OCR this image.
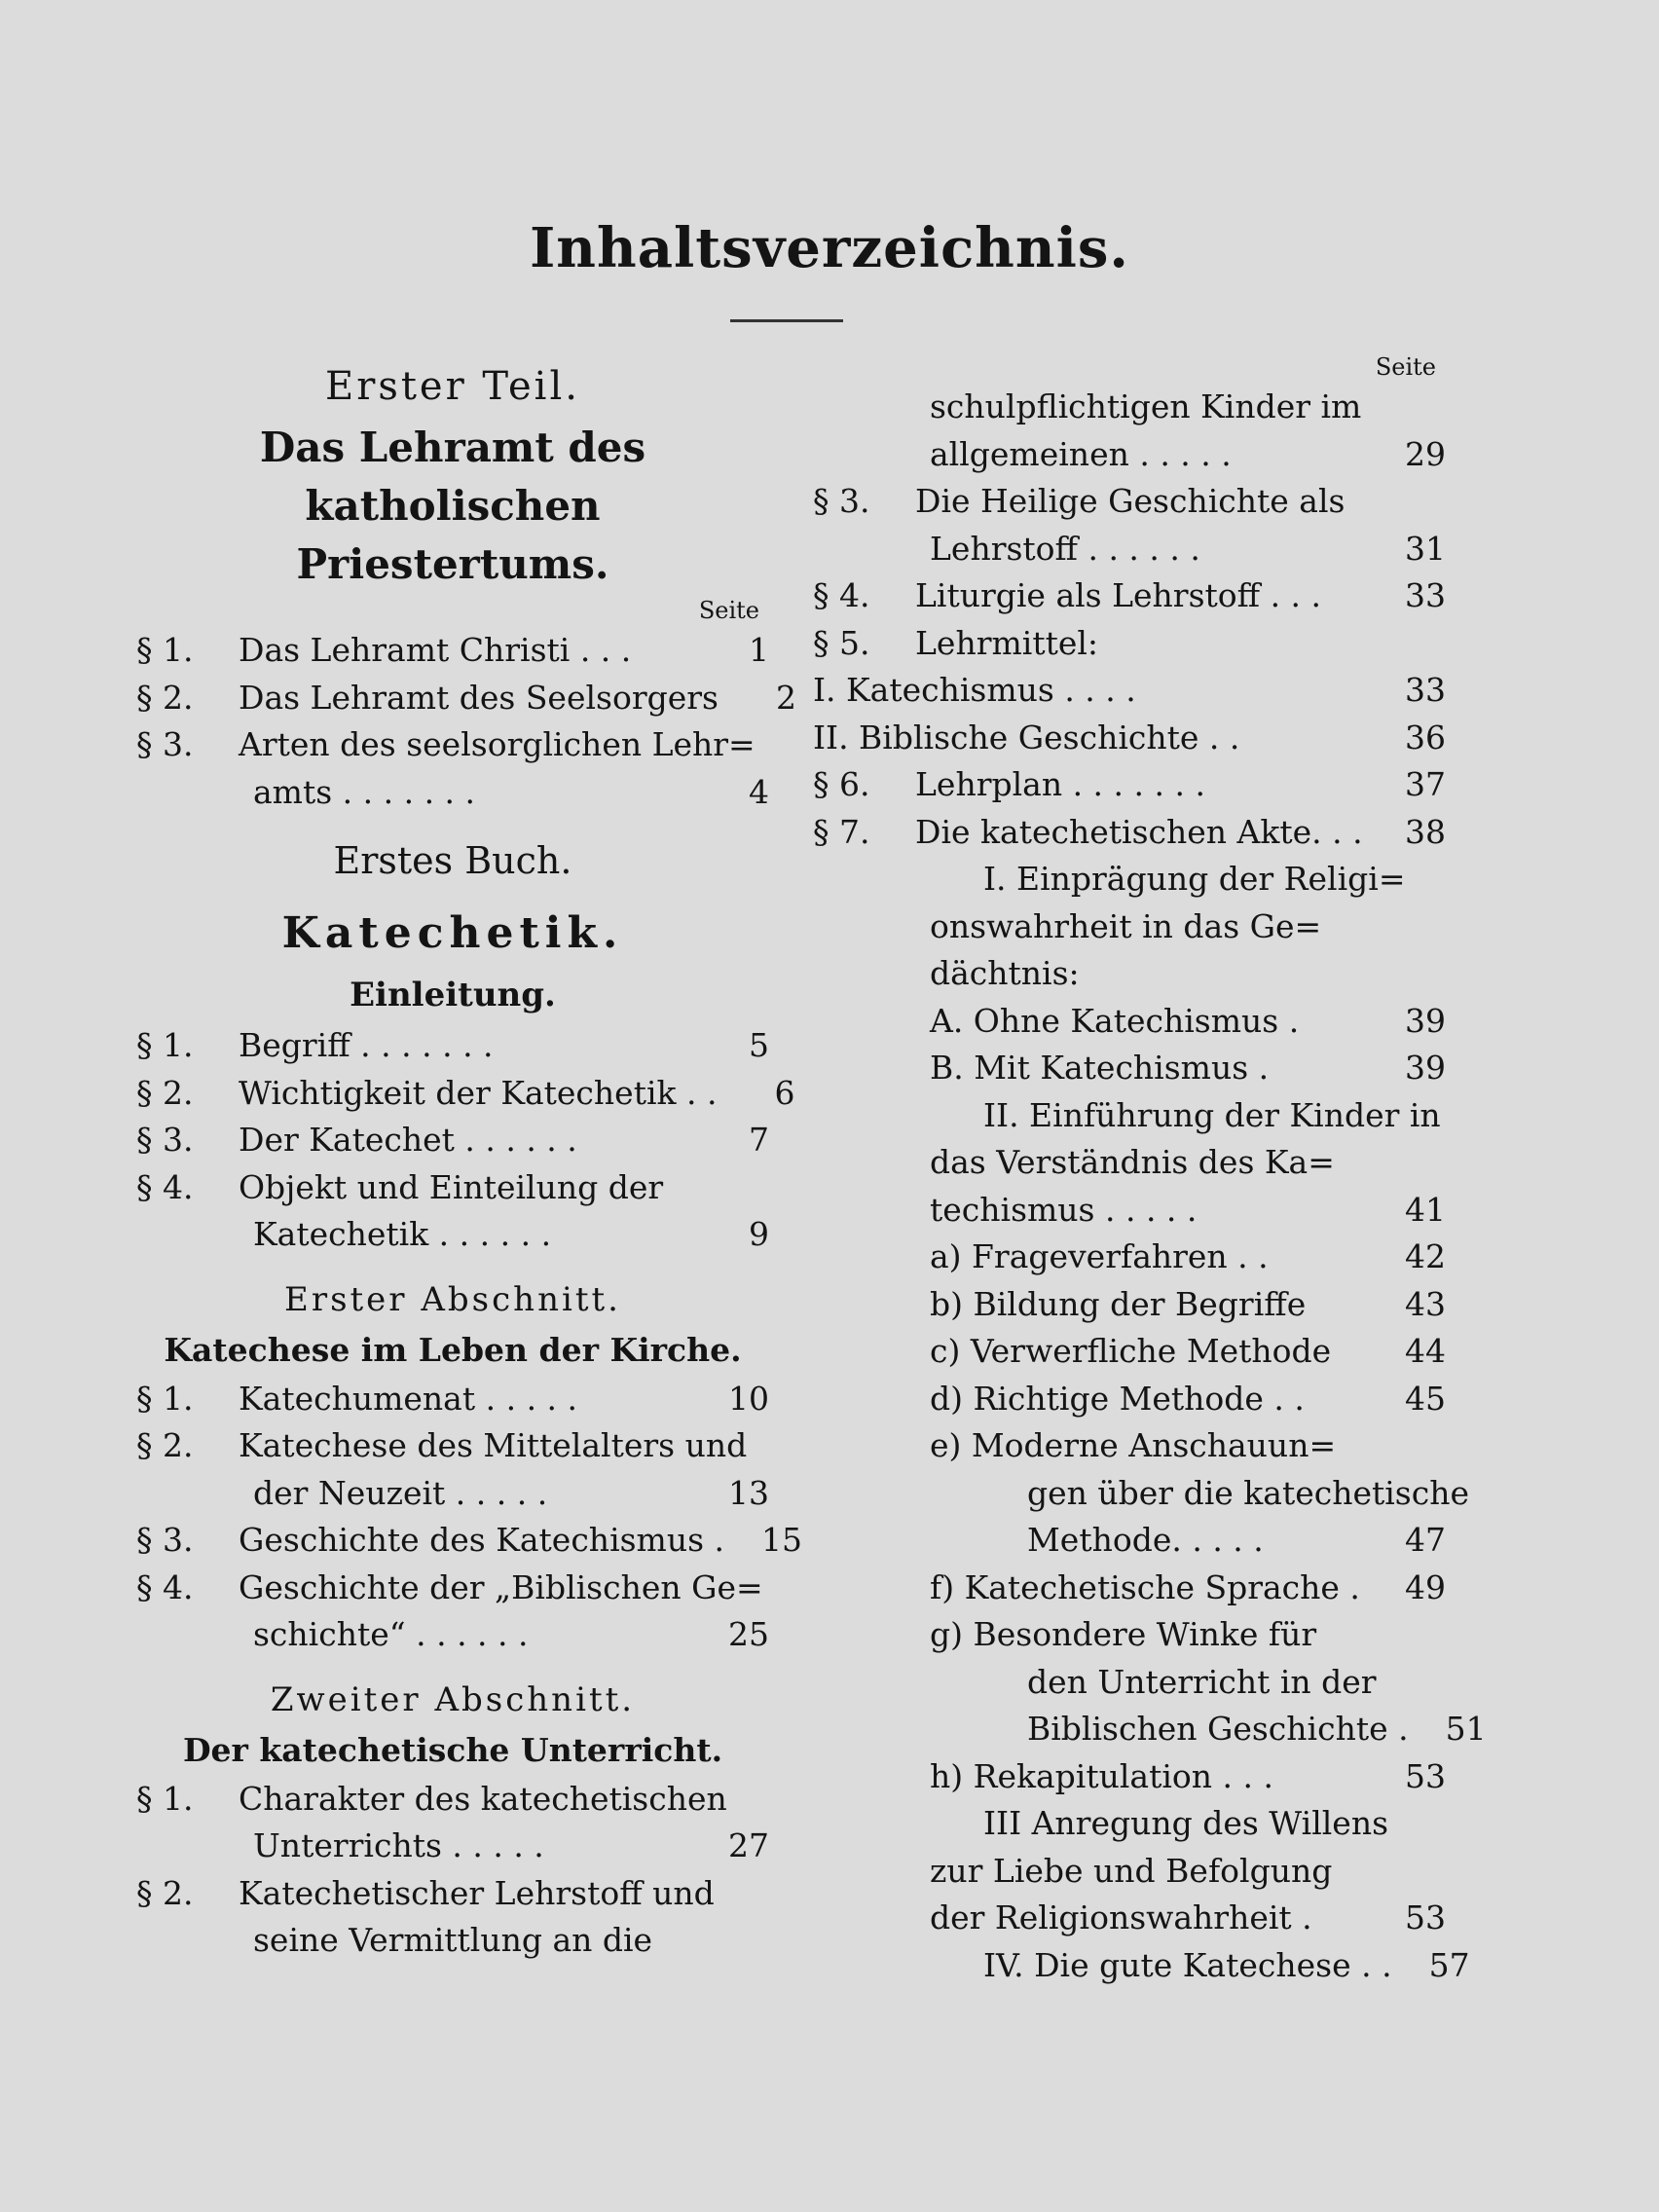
Inhaltsverzeichnis.
Erster Teil.
Das Lehramt des katholischen
Priestertums.
Seite
§ 1.	Das Lehramt Christi . . .	1
§ 2.	Das Lehramt des Seelsorgers	2
§ 3.	Arten des seelsorglichen Lehr=
amts . . . . . . .	4
Erstes Buch.
Katechetik.
Einleitung.
§ 1.	Begriff . . . . . . .	5
§ 2.	Wichtigkeit der Katechetik . .	6
§ 3.	Der Katechet . . . . . .	7
§ 4.	Objekt und Einteilung der
Katechetik . . . . . .	9
Erster Abschnitt.
Katechese im Leben der Kirche.
§ 1.	Katechumenat . . . . .	10
§ 2.	Katechese des Mittelalters und
der Neuzeit . . . . .	13
§ 3.	Geschichte des Katechismus .	15
§ 4.	Geschichte der „Biblischen Ge=
schichte“ . . . . . .	25
Zweiter Abschnitt.
Der katechetische Unterricht.
§ 1.	Charakter des katechetischen
Unterrichts . . . . .	27
§ 2.	Katechetischer Lehrstoff und
seine Vermittlung an die
Seite
schulpflichtigen Kinder im
allgemeinen . . . . .	29
§ 3.	Die Heilige Geschichte als
Lehrstoff . . . . . .	31
§ 4.	Liturgie als Lehrstoff . . .	33
§ 5.	Lehrmittel:
I. Katechismus . . . .	33
II. Biblische Geschichte . .	36
§ 6.	Lehrplan . . . . . . .	37
§ 7.	Die katechetischen Akte. . .	38
I. Einprägung der Religi=
onswahrheit in das Ge=
dächtnis:
A. Ohne Katechismus .	39
B. Mit Katechismus .	39
II. Einführung der Kinder in
das Verständnis des Ka=
techismus . . . . .	41
a) Frageverfahren . .	42
b) Bildung der Begriffe	43
c) Verwerfliche Methode	44
d) Richtige Methode . .	45
e) Moderne Anschauun=
gen über die katechetische
Methode. . . . .	47
f) Katechetische Sprache .	49
g) Besondere Winke für
den Unterricht in der
Biblischen Geschichte .	51
h) Rekapitulation . . .	53
III Anregung des Willens
zur Liebe und Befolgung
der Religionswahrheit .	53
IV. Die gute Katechese . .	57
